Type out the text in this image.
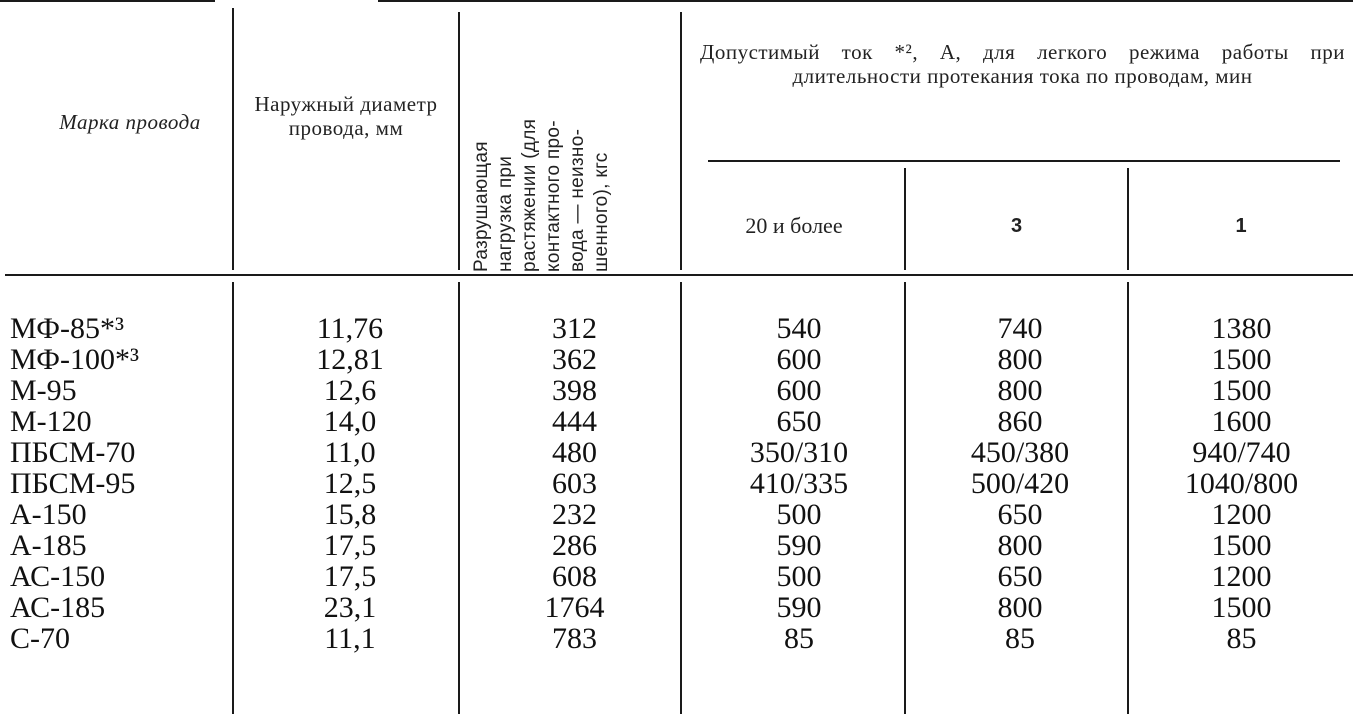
Марка провода
Наружный диаметр провода, мм
Разрушающая нагрузка при растяжении (для контактного про- вода — неизно- шенного), кгс
Допустимый ток *², А, для легкого режима работы при длительности протекания тока по проводам, мин
20 и более	3	1
МФ-85*³	11,76	312	540	740	1380
МФ-100*³	12,81	362	600	800	1500
М-95	12,6	398	600	800	1500
М-120	14,0	444	650	860	1600
ПБСМ-70	11,0	480	350/310	450/380	940/740
ПБСМ-95	12,5	603	410/335	500/420	1040/800
А-150	15,8	232	500	650	1200
А-185	17,5	286	590	800	1500
АС-150	17,5	608	500	650	1200
АС-185	23,1	1764	590	800	1500
С-70	11,1	783	85	85	85
